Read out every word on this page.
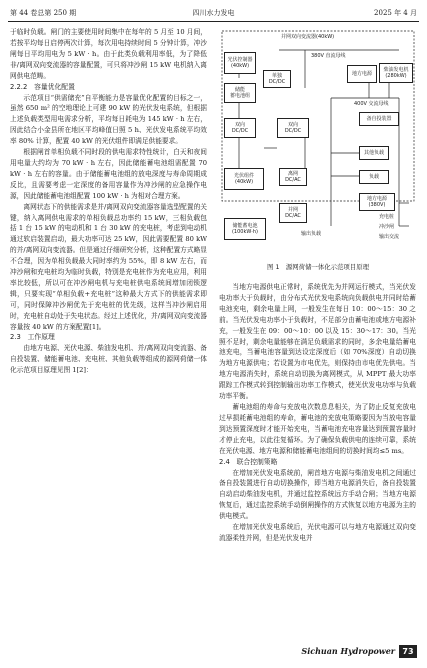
第 44 卷总第 250 期	四川水力发电	2025 年 4 月

于临时负载。闸门的主要使用时间集中在每年的 5 月至 10 月间，若按平均每日启停两次计算，每次用电持续时间 5 分钟计算，冲沙闸每日平均用电为 5 kW · h。由于此类负载利用率低，为了降低非/离网双向变流器的容量配置，可只将冲沙闸 15 kW 电机纳入离网供电范畴。

2.2.2　容量优化配置

示范项目“供需储充”自平衡能力是容量优化配置的目标之一，虽然 650 m² 的空地理论上可建 90 kW 的光伏发电系统，但根据上述负载类型用电需求分析，平均每日耗电为 145 kW · h 左右，因此结合小金县所在地区平均峰值日照 5 h、光伏发电系统平均效率 80% 计算，配置 40 kW 的光伏组件即满足供能要求。

根据闸首单相负载不同时段的供电需求特性统计，白天和夜间用电量大约均为 70 kW · h 左右，因此储能蓄电池组需配置 70 kW · h 左右的容量。由于储能蓄电池组的放电深度与寿命周期成反比，且需要考虑一定深度的备用容量作为冲沙闸的应急操作电源，因此储能蓄电池组配置 100 kW · h 为相对合理方案。

离网状态下的供能需求是并/离网双向变流器容量选型配置的关键，纳入离网供电需求的单相负载总功率约 15 kW，三相负载包括 1 台 15 kW 的电动机和 1 台 30 kW 的充电桩，考虑到电动机通过软启装置启动，最大功率可达 25 kW，因此需要配置 80 kW 的并/离网双向变流器。但是通过仔细研究分析，这种配置方式略显不合理，因为单相负载最大同时率约为 55%，即 8 kW 左右，而冲沙闸和充电桩均为临时负载，特别是充电桩作为充电应用，利用率比较低，所以可在冲沙闸电机与充电桩供电系统间增加闭锁逻辑，只要实现“单相负载+充电桩”这种最大方式下的供能需求即可，同时保障冲沙闸优先于充电桩的优先级，这样当冲沙闸启用时，充电桩自动处于失电状态。经过上述优化，并/离网双向变流器容量按 40 kW 的方案配置[1]。

2.3　工作原理

由地方电源、光伏电源、柴油发电机、并/离网双向变流器、备自投装置、储能蓄电池、充电桩、其他负载等组成的源网荷储一体化示范项目原理见图 1[2]：

并网双向变流器(40kW)
380V 直流母线
光伏控制器
(40kW)
储能
蓄电池组
单独
DC/DC
双向
DC/DC
双向
DC/DC
地方电源
柴油发电机
(280kW)
400V 交流母线
备自投装置
光伏组件
(40kW)
储能蓄电池
(100kW·h)
离网
DC/AC
并网
DC/AC
输出负载
其他负载
负载
地方电源
(380V)
充电桩
冲沙闸
输出交流
图 1　源网荷储一体化示范项目原理

当地方电源供电正常时，系统优先为并网运行模式，当光伏发电功率大于负载时，由分布式光伏发电系统向负载供电并同时给蓄电池充电，剩余电量上网，一般发生在每日 10：00～15：30 之前。当光伏发电功率小于负载时，不足部分由蓄电池或地方电源补充，一般发生在 09：00～10：00 以及 15：30～17：30。当光照不足时，剩余电量能够在满足负载需求的同时，多余电量给蓄电池充电，当蓄电池容量到达设定深度后（如 70%深度）自动切换为地方电源供电；若设置为市电优先，则保持由市电优先供电。当地方电源消失时，系统自动切换为离网模式，从 MPPT 最大功率跟踪工作模式转到控制输出功率工作模式，使光伏发电功率与负载功率平衡。

蓄电池组的寿命与充放电次数息息相关，为了防止反复充放电过早损耗蓄电池组的寿命，蓄电池的充放电策略要因为当放电容量到达预置深度时才能开始充电，当蓄电池充电容量达到预置容量时才停止充电，以此往复循环。为了确保负载供电的连续可靠，系统在光伏电源、地方电源和储能蓄电池组间的切换时间均≤5 ms。

2.4　联合控制策略

在增加光伏发电系统前，闸首地方电源与柴油发电机之间通过备自投装置进行自动切换操作，即当地方电源消失后，备自投装置自动启动柴油发电机，并通过监控系统远方手动合闸；当地方电源恢复后，通过监控系统手动倒闸操作的方式恢复以地方电源为主的供电模式。

在增加光伏发电系统后，光伏电源可以与地方电源通过双向变流器柔性并网，但是光伏发电并

Sichuan Hydropower 73
